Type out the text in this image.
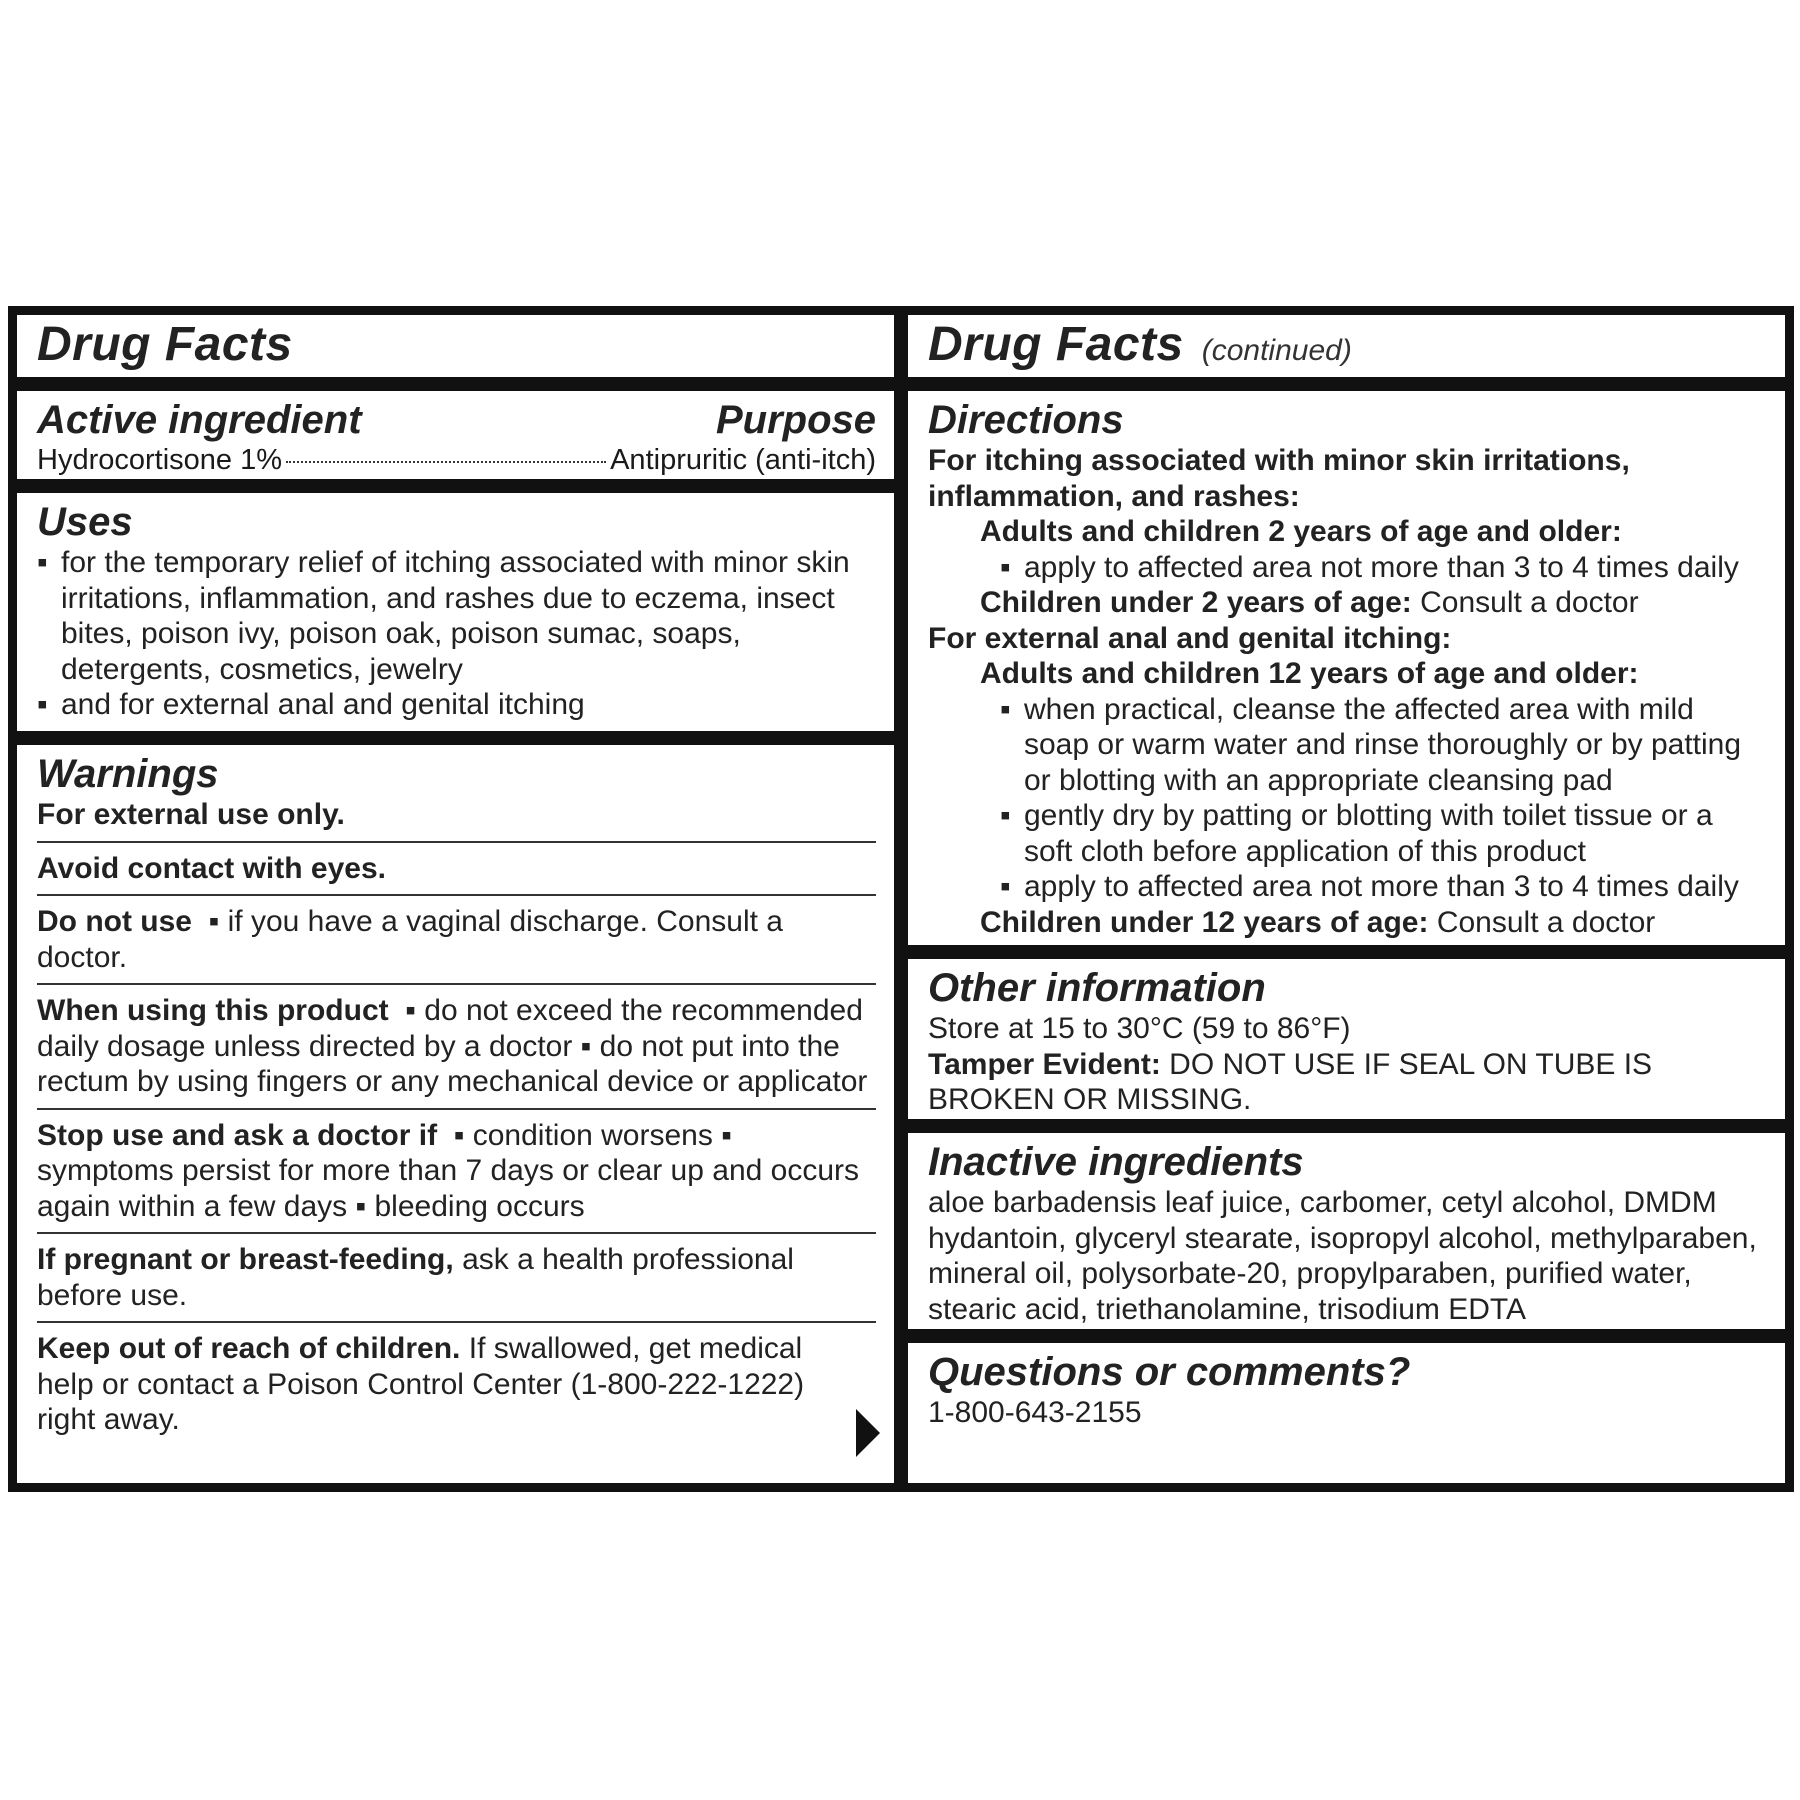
Drug Facts
Active ingredient	Purpose
Hydrocortisone 1%	Antipruritic (anti-itch)
Uses
▪ for the temporary relief of itching associated with minor skin irritations, inflammation, and rashes due to eczema, insect bites, poison ivy, poison oak, poison sumac, soaps, detergents, cosmetics, jewelry
▪ and for external anal and genital itching
Warnings
For external use only.
Avoid contact with eyes.
Do not use  ▪ if you have a vaginal discharge. Consult a doctor.
When using this product  ▪ do not exceed the recommended daily dosage unless directed by a doctor ▪ do not put into the rectum by using fingers or any mechanical device or applicator
Stop use and ask a doctor if  ▪ condition worsens ▪ symptoms persist for more than 7 days or clear up and occurs again within a few days ▪ bleeding occurs
If pregnant or breast-feeding, ask a health professional before use.
Keep out of reach of children. If swallowed, get medical help or contact a Poison Control Center (1-800-222-1222) right away.
Drug Facts (continued)
Directions
For itching associated with minor skin irritations, inflammation, and rashes:
Adults and children 2 years of age and older:
▪ apply to affected area not more than 3 to 4 times daily
Children under 2 years of age: Consult a doctor
For external anal and genital itching:
Adults and children 12 years of age and older:
▪ when practical, cleanse the affected area with mild soap or warm water and rinse thoroughly or by patting or blotting with an appropriate cleansing pad
▪ gently dry by patting or blotting with toilet tissue or a soft cloth before application of this product
▪ apply to affected area not more than 3 to 4 times daily
Children under 12 years of age: Consult a doctor
Other information
Store at 15 to 30°C (59 to 86°F)
Tamper Evident: DO NOT USE IF SEAL ON TUBE IS BROKEN OR MISSING.
Inactive ingredients
aloe barbadensis leaf juice, carbomer, cetyl alcohol, DMDM hydantoin, glyceryl stearate, isopropyl alcohol, methylparaben, mineral oil, polysorbate-20, propylparaben, purified water, stearic acid, triethanolamine, trisodium EDTA
Questions or comments?
1-800-643-2155
